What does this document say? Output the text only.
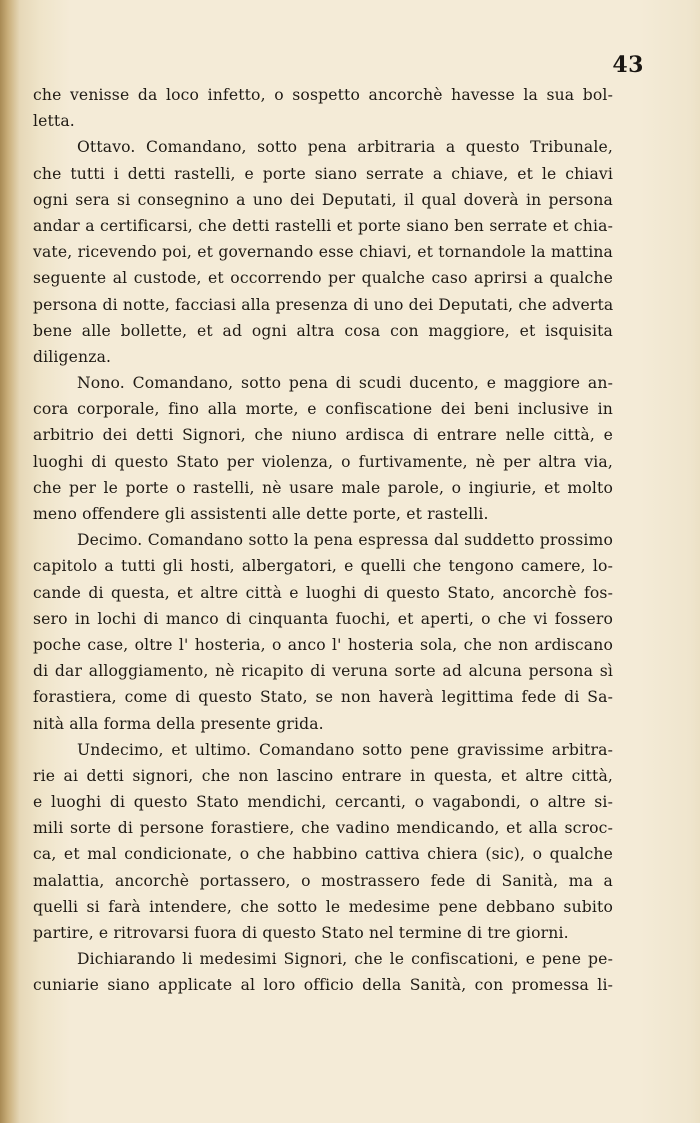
43
che venisse da loco infetto, o sospetto ancorchè havesse la sua bol-
letta.
Ottavo. Comandano, sotto pena arbitraria a questo Tribunale,
che tutti i detti rastelli, e porte siano serrate a chiave, et le chiavi
ogni sera si consegnino a uno dei Deputati, il qual doverà in persona
andar a certificarsi, che detti rastelli et porte siano ben serrate et chia-
vate, ricevendo poi, et governando esse chiavi, et tornandole la mattina
seguente al custode, et occorrendo per qualche caso aprirsi a qualche
persona di notte, facciasi alla presenza di uno dei Deputati, che adverta
bene alle bollette, et ad ogni altra cosa con maggiore, et isquisita
diligenza.
Nono. Comandano, sotto pena di scudi ducento, e maggiore an-
cora corporale, fino alla morte, e confiscatione dei beni inclusive in
arbitrio dei detti Signori, che niuno ardisca di entrare nelle città, e
luoghi di questo Stato per violenza, o furtivamente, nè per altra via,
che per le porte o rastelli, nè usare male parole, o ingiurie, et molto
meno offendere gli assistenti alle dette porte, et rastelli.
Decimo. Comandano sotto la pena espressa dal suddetto prossimo
capitolo a tutti gli hosti, albergatori, e quelli che tengono camere, lo-
cande di questa, et altre città e luoghi di questo Stato, ancorchè fos-
sero in lochi di manco di cinquanta fuochi, et aperti, o che vi fossero
poche case, oltre l' hosteria, o anco l' hosteria sola, che non ardiscano
di dar alloggiamento, nè ricapito di veruna sorte ad alcuna persona sì
forastiera, come di questo Stato, se non haverà legittima fede di Sa-
nità alla forma della presente grida.
Undecimo, et ultimo. Comandano sotto pene gravissime arbitra-
rie ai detti signori, che non lascino entrare in questa, et altre città,
e luoghi di questo Stato mendichi, cercanti, o vagabondi, o altre si-
mili sorte di persone forastiere, che vadino mendicando, et alla scroc-
ca, et mal condicionate, o che habbino cattiva chiera (sic), o qualche
malattia, ancorchè portassero, o mostrassero fede di Sanità, ma a
quelli si farà intendere, che sotto le medesime pene debbano subito
partire, e ritrovarsi fuora di questo Stato nel termine di tre giorni.
Dichiarando li medesimi Signori, che le confiscationi, e pene pe-
cuniarie siano applicate al loro officio della Sanità, con promessa li-
